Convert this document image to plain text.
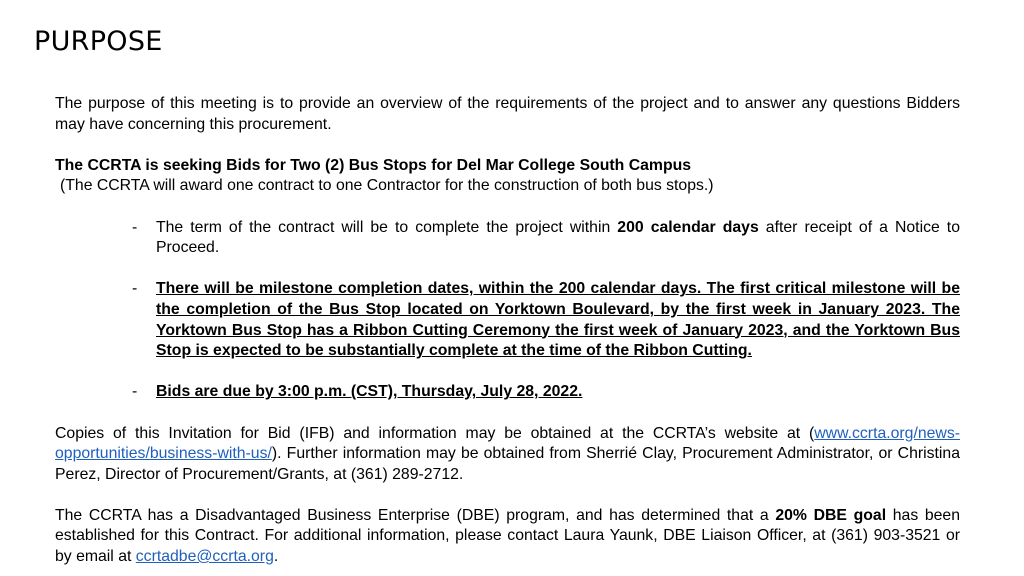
PURPOSE

The purpose of this meeting is to provide an overview of the requirements of the project and to answer any questions Bidders may have concerning this procurement.

The CCRTA is seeking Bids for Two (2) Bus Stops for Del Mar College South Campus

(The CCRTA will award one contract to one Contractor for the construction of both bus stops.)

- The term of the contract will be to complete the project within 200 calendar days after receipt of a Notice to Proceed.
- There will be milestone completion dates, within the 200 calendar days. The first critical milestone will be the completion of the Bus Stop located on Yorktown Boulevard, by the first week in January 2023. The Yorktown Bus Stop has a Ribbon Cutting Ceremony the first week of January 2023, and the Yorktown Bus Stop is expected to be substantially complete at the time of the Ribbon Cutting.
- Bids are due by 3:00 p.m. (CST), Thursday, July 28, 2022.

Copies of this Invitation for Bid (IFB) and information may be obtained at the CCRTA’s website at (www.ccrta.org/news-opportunities/business-with-us/). Further information may be obtained from Sherrié Clay, Procurement Administrator, or Christina Perez, Director of Procurement/Grants, at (361) 289-2712.

The CCRTA has a Disadvantaged Business Enterprise (DBE) program, and has determined that a 20% DBE goal has been established for this Contract. For additional information, please contact Laura Yaunk, DBE Liaison Officer, at (361) 903-3521 or by email at ccrtadbe@ccrta.org.
